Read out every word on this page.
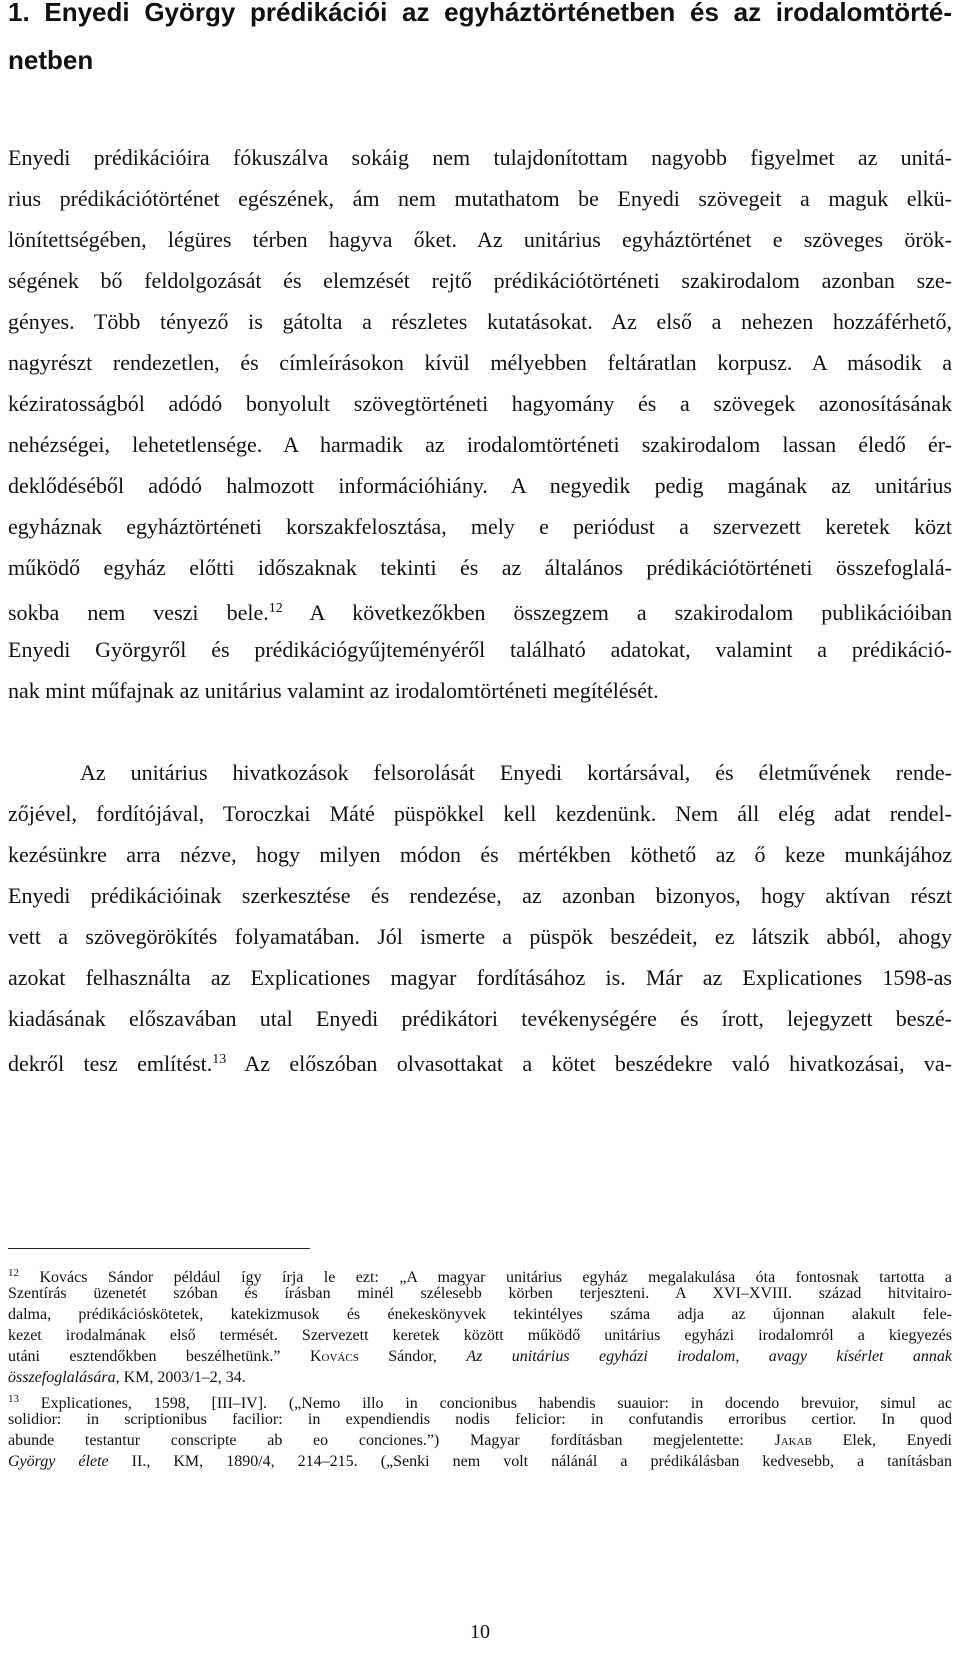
1. Enyedi György prédikációi az egyháztörténetben és az irodalomtörté-
netben
Enyedi prédikációira fókuszálva sokáig nem tulajdonítottam nagyobb figyelmet az unitá-
rius prédikációtörténet egészének, ám nem mutathatom be Enyedi szövegeit a maguk elkü-
lönítettségében, légüres térben hagyva őket. Az unitárius egyháztörténet e szöveges örök-
ségének bő feldolgozását és elemzését rejtő prédikációtörténeti szakirodalom azonban sze-
gényes. Több tényező is gátolta a részletes kutatásokat. Az első a nehezen hozzáférhető,
nagyrészt rendezetlen, és címleírásokon kívül mélyebben feltáratlan korpusz. A második a
kéziratosságból adódó bonyolult szövegtörténeti hagyomány és a szövegek azonosításának
nehézségei, lehetetlensége. A harmadik az irodalomtörténeti szakirodalom lassan éledő ér-
deklődéséből adódó halmozott információhiány. A negyedik pedig magának az unitárius
egyháznak egyháztörténeti korszakfelosztása, mely e periódust a szervezett keretek közt
működő egyház előtti időszaknak tekinti és az általános prédikációtörténeti összefoglalá-
sokba nem veszi bele.$^{12}$ A következőkben összegzem a szakirodalom publikációiban
Enyedi Györgyről és prédikációgyűjteményéről található adatokat, valamint a prédikáció-
nak mint műfajnak az unitárius valamint az irodalomtörténeti megítélését.
Az unitárius hivatkozások felsorolását Enyedi kortársával, és életművének rende-
zőjével, fordítójával, Toroczkai Máté püspökkel kell kezdenünk. Nem áll elég adat rendel-
kezésünkre arra nézve, hogy milyen módon és mértékben köthető az ő keze munkájához
Enyedi prédikációinak szerkesztése és rendezése, az azonban bizonyos, hogy aktívan részt
vett a szövegörökítés folyamatában. Jól ismerte a püspök beszédeit, ez látszik abból, ahogy
azokat felhasználta az Explicationes magyar fordításához is. Már az Explicationes 1598-as
kiadásának előszavában utal Enyedi prédikátori tevékenységére és írott, lejegyzett beszé-
dekről tesz említést.$^{13}$ Az előszóban olvasottakat a kötet beszédekre való hivatkozásai, va-
$^{12}$ Kovács Sándor például így írja le ezt: „A magyar unitárius egyház megalakulása óta fontosnak tartotta a
Szentírás üzenetét szóban és írásban minél szélesebb körben terjeszteni. A XVI–XVIII. század hitvitairo-
dalma, prédikációskötetek, katekizmusok és énekeskönyvek tekintélyes száma adja az újonnan alakult fele-
kezet irodalmának első termését. Szervezett keretek között működő unitárius egyházi irodalomról a kiegyezés
utáni esztendőkben beszélhetünk.” Kovács Sándor, Az unitárius egyházi irodalom, avagy kísérlet annak
összefoglalására, KM, 2003/1–2, 34.
$^{13}$ Explicationes, 1598, [III–IV]. („Nemo illo in concionibus habendis suauior: in docendo brevuior, simul ac
solidior: in scriptionibus facilior: in expendiendis nodis felicior: in confutandis erroribus certior. In quod
abunde testantur conscripte ab eo conciones.”) Magyar fordításban megjelentette: Jakab Elek, Enyedi
György élete II., KM, 1890/4, 214–215. („Senki nem volt nálánál a prédikálásban kedvesebb, a tanításban
10
